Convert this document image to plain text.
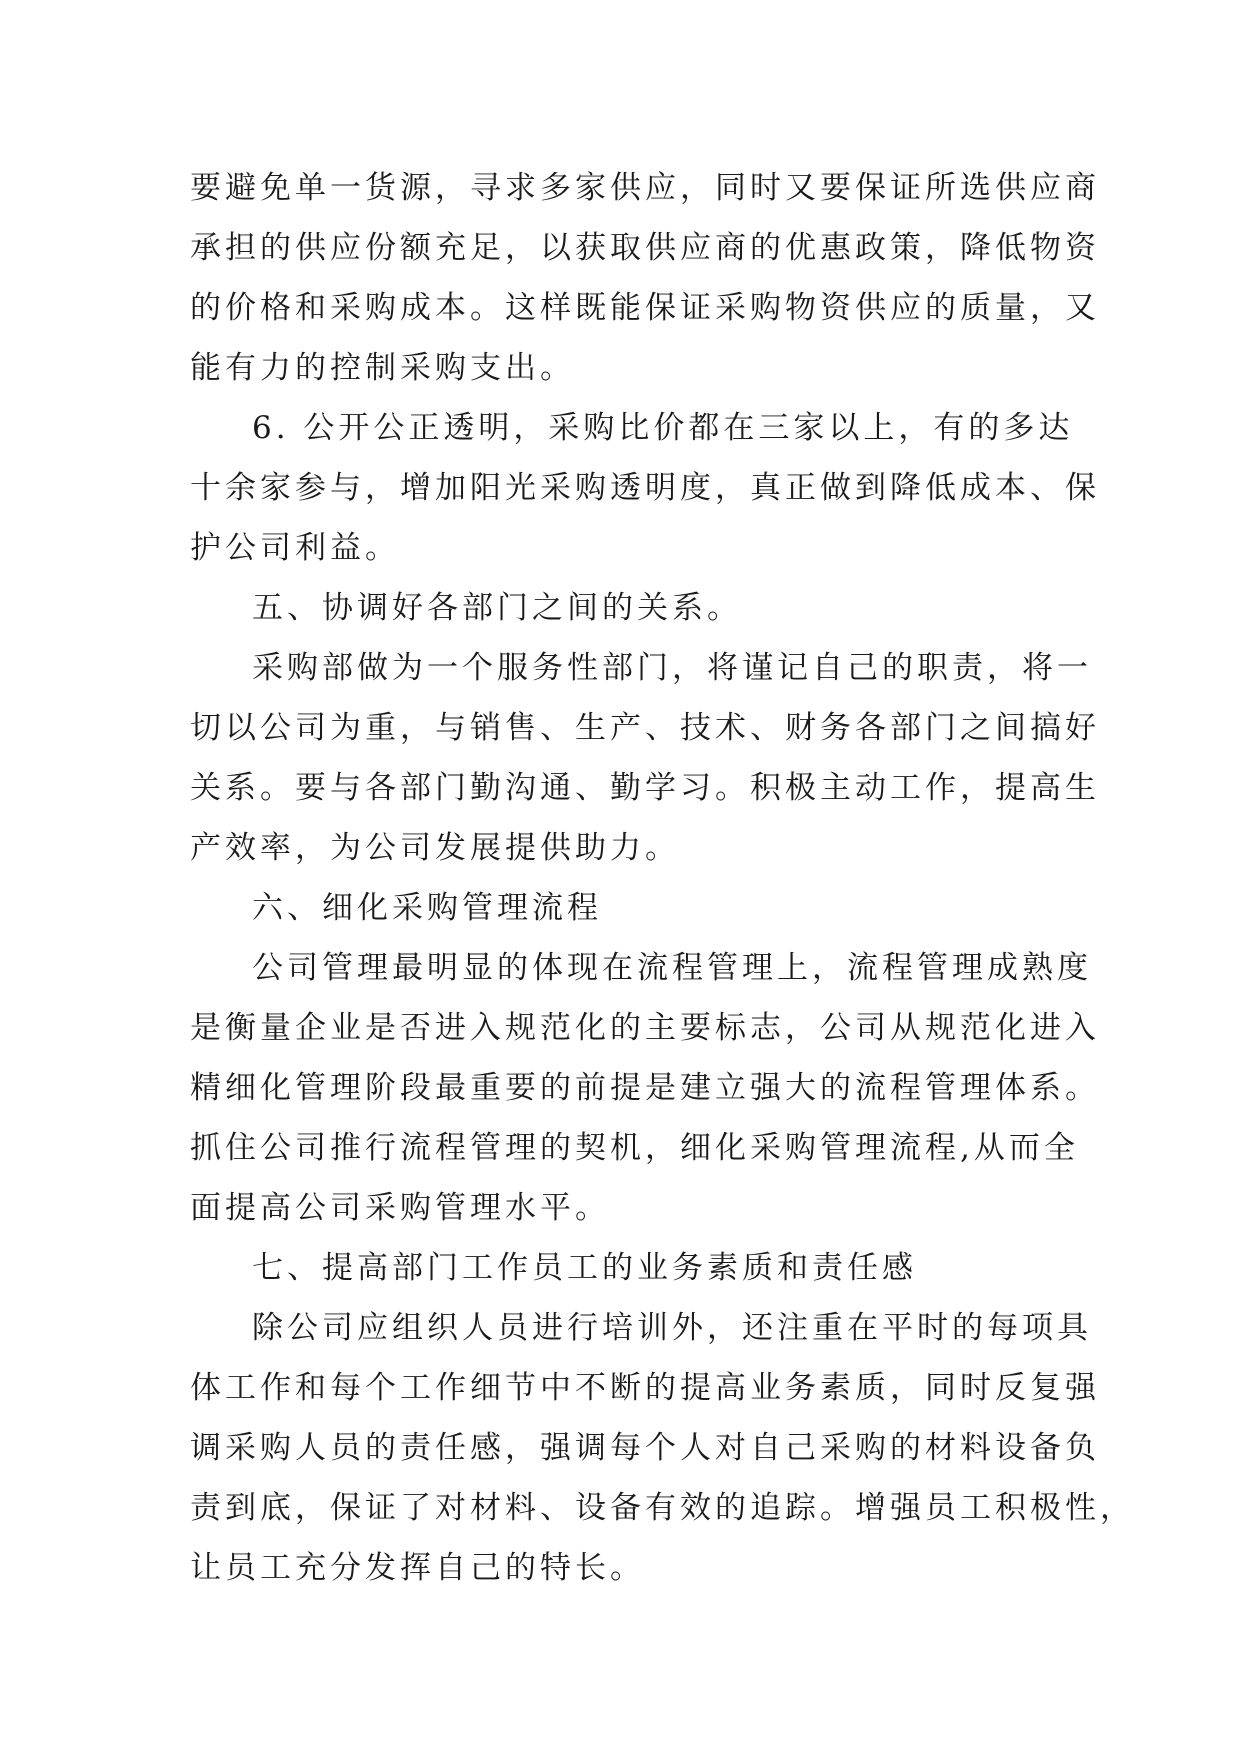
要避免单一货源，寻求多家供应，同时又要保证所选供应商
承担的供应份额充足，以获取供应商的优惠政策，降低物资
的价格和采购成本。这样既能保证采购物资供应的质量，又
能有力的控制采购支出。
6. 公开公正透明，采购比价都在三家以上，有的多达
十余家参与，增加阳光采购透明度，真正做到降低成本、保
护公司利益。
五、协调好各部门之间的关系。
采购部做为一个服务性部门，将谨记自己的职责，将一
切以公司为重，与销售、生产、技术、财务各部门之间搞好
关系。要与各部门勤沟通、勤学习。积极主动工作，提高生
产效率，为公司发展提供助力。
六、细化采购管理流程
公司管理最明显的体现在流程管理上，流程管理成熟度
是衡量企业是否进入规范化的主要标志，公司从规范化进入
精细化管理阶段最重要的前提是建立强大的流程管理体系。
抓住公司推行流程管理的契机，细化采购管理流程,从而全
面提高公司采购管理水平。
七、提高部门工作员工的业务素质和责任感
除公司应组织人员进行培训外，还注重在平时的每项具
体工作和每个工作细节中不断的提高业务素质，同时反复强
调采购人员的责任感，强调每个人对自己采购的材料设备负
责到底，保证了对材料、设备有效的追踪。增强员工积极性，
让员工充分发挥自己的特长。
